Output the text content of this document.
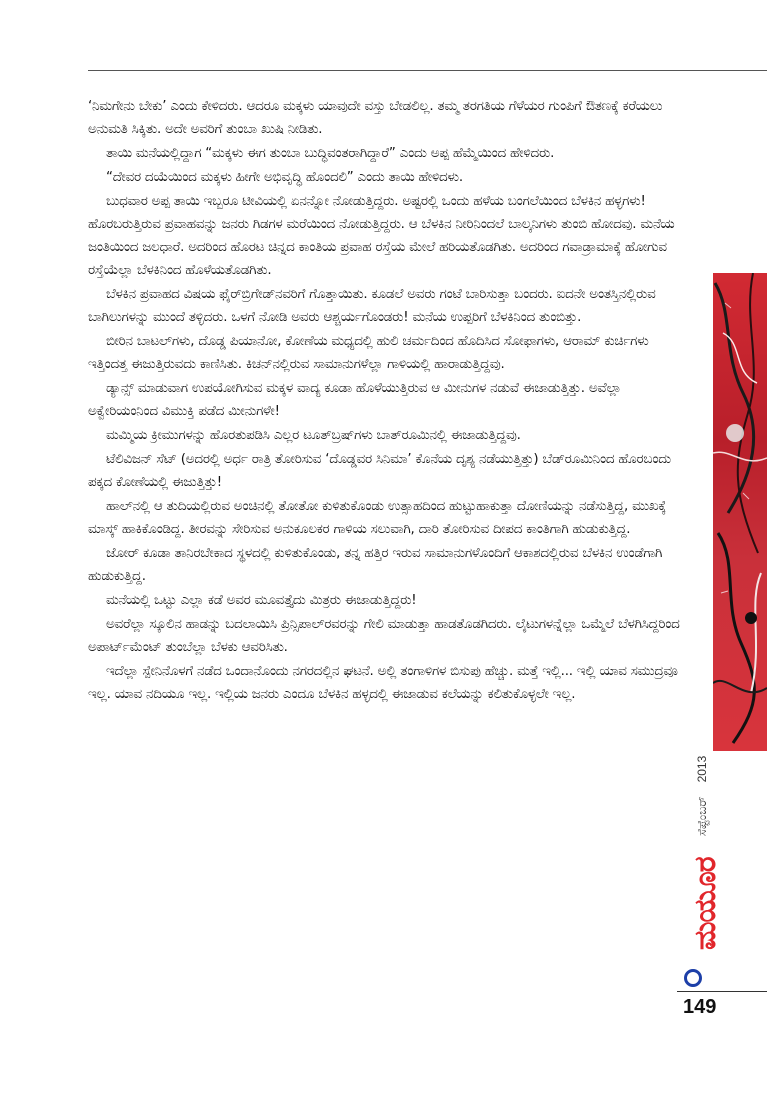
‘ನಿಮಗೇನು ಬೇಕು’ ಎಂದು ಕೇಳಿದರು. ಆದರೂ ಮಕ್ಕಳು ಯಾವುದೇ ವಸ್ತು ಬೇಡಲಿಲ್ಲ. ತಮ್ಮ ತರಗತಿಯ ಗೆಳೆಯರ ಗುಂಪಿಗೆ ಔತಣಕ್ಕೆ ಕರೆಯಲು ಅನುಮತಿ ಸಿಕ್ಕಿತು. ಅದೇ ಅವರಿಗೆ ತುಂಬಾ ಖುಷಿ ನೀಡಿತು.

ತಾಯಿ ಮನೆಯಲ್ಲಿದ್ದಾಗ “ಮಕ್ಕಳು ಈಗ ತುಂಬಾ ಬುದ್ಧಿವಂತರಾಗಿದ್ದಾರೆ” ಎಂದು ಅಪ್ಪ ಹೆಮ್ಮೆಯಿಂದ ಹೇಳಿದರು.

“ದೇವರ ದಯೆಯಿಂದ ಮಕ್ಕಳು ಹೀಗೇ ಅಭಿವೃದ್ಧಿ ಹೊಂದಲಿ” ಎಂದು ತಾಯಿ ಹೇಳಿದಳು.

ಬುಧವಾರ ಅಪ್ಪ ತಾಯಿ ಇಬ್ಬರೂ ಟೀವಿಯಲ್ಲಿ ಏನನ್ನೋ ನೋಡುತ್ತಿದ್ದರು. ಅಷ್ಟರಲ್ಲಿ ಒಂದು ಹಳೆಯ ಬಂಗಲೆಯಿಂದ ಬೆಳಕಿನ ಹಳ್ಳಗಳು! ಹೊರಬರುತ್ತಿರುವ ಪ್ರವಾಹವನ್ನು ಜನರು ಗಿಡಗಳ ಮರೆಯಿಂದ ನೋಡುತ್ತಿದ್ದರು. ಆ ಬೆಳಕಿನ ನೀರಿನಿಂದಲೆ ಬಾಲ್ಕನಿಗಳು ತುಂಬಿ ಹೋದವು. ಮನೆಯ ಜಂತಿಯಿಂದ ಜಲಧಾರೆ. ಅದರಿಂದ ಹೊರಟ ಚಿನ್ನದ ಕಾಂತಿಯ ಪ್ರವಾಹ ರಸ್ತೆಯ ಮೇಲೆ ಹರಿಯತೊಡಗಿತು. ಅದರಿಂದ ಗವಾಡ್ರಾಮಾಕ್ಕೆ ಹೋಗುವ ರಸ್ತೆಯೆಲ್ಲಾ ಬೆಳಕಿನಿಂದ ಹೊಳೆಯತೊಡಗಿತು.

ಬೆಳಕಿನ ಪ್ರವಾಹದ ವಿಷಯ ಫೈರ್‌ಬ್ರಿಗೇಡ್‌ನವರಿಗೆ ಗೊತ್ತಾಯಿತು. ಕೂಡಲೆ ಅವರು ಗಂಟೆ ಬಾರಿಸುತ್ತಾ ಬಂದರು. ಐದನೇ ಅಂತಸ್ತಿನಲ್ಲಿರುವ ಬಾಗಿಲುಗಳನ್ನು ಮುಂದೆ ತಳ್ಳಿದರು. ಒಳಗೆ ನೋಡಿ ಅವರು ಆಶ್ಚರ್ಯಗೊಂಡರು! ಮನೆಯ ಉಪ್ಪರಿಗೆ ಬೆಳಕಿನಿಂದ ತುಂಬಿತ್ತು.

ಬೀರಿನ ಬಾಟಲ್‌ಗಳು, ದೊಡ್ಡ ಪಿಯಾನೋ, ಕೋಣೆಯ ಮಧ್ಯದಲ್ಲಿ ಹುಲಿ ಚರ್ಮದಿಂದ ಹೊದಿಸಿದ ಸೋಫಾಗಳು, ಆರಾಮ್ ಕುರ್ಚಿಗಳು ಇತ್ತಿಂದತ್ತ ಈಜುತ್ತಿರುವದು ಕಾಣಿಸಿತು. ಕಿಚನ್‌ನಲ್ಲಿರುವ ಸಾಮಾನುಗಳೆಲ್ಲಾ ಗಾಳಿಯಲ್ಲಿ ಹಾರಾಡುತ್ತಿದ್ದವು.

ಡ್ಯಾನ್ಸ್ ಮಾಡುವಾಗ ಉಪಯೋಗಿಸುವ ಮಕ್ಕಳ ವಾದ್ಯ ಕೂಡಾ ಹೊಳೆಯುತ್ತಿರುವ ಆ ಮೀನುಗಳ ನಡುವೆ ಈಜಾಡುತ್ತಿತ್ತು. ಅವೆಲ್ಲಾ ಅಕ್ವೇರಿಯಂನಿಂದ ವಿಮುಕ್ತಿ ಪಡೆದ ಮೀನುಗಳೇ!

ಮಮ್ಮಿಯ ಕ್ರೀಮುಗಳನ್ನು ಹೊರತುಪಡಿಸಿ ಎಲ್ಲರ ಟೂತ್‌ಬ್ರಷ್‌ಗಳು ಬಾತ್‌ರೂಮಿನಲ್ಲಿ ಈಜಾಡುತ್ತಿದ್ದವು.

ಟೆಲಿವಿಜನ್ ಸೆಟ್ (ಅದರಲ್ಲಿ ಅರ್ಧ ರಾತ್ರಿ ತೋರಿಸುವ ‘ದೊಡ್ಡವರ ಸಿನಿಮಾ’ ಕೊನೆಯ ದೃಶ್ಯ ನಡೆಯುತ್ತಿತ್ತು) ಬೆಡ್‌ರೂಮಿನಿಂದ ಹೊರಬಂದು ಪಕ್ಕದ ಕೋಣೆಯಲ್ಲಿ ಈಜುತ್ತಿತ್ತು!

ಹಾಲ್‌ನಲ್ಲಿ ಆ ತುದಿಯಲ್ಲಿರುವ ಅಂಚಿನಲ್ಲಿ ತೋತೋ ಕುಳಿತುಕೊಂಡು ಉತ್ಸಾಹದಿಂದ ಹುಟ್ಟುಹಾಕುತ್ತಾ ದೋಣಿಯನ್ನು ನಡೆಸುತ್ತಿದ್ದ, ಮುಖಕ್ಕೆ ಮಾಸ್ಕ್ ಹಾಕಿಕೊಂಡಿದ್ದ. ತೀರವನ್ನು ಸೇರಿಸುವ ಅನುಕೂಲಕರ ಗಾಳಿಯ ಸಲುವಾಗಿ, ದಾರಿ ತೋರಿಸುವ ದೀಪದ ಕಾಂತಿಗಾಗಿ ಹುಡುಕುತ್ತಿದ್ದ.

ಜೋರ್ ಕೂಡಾ ತಾನಿರಬೇಕಾದ ಸ್ಥಳದಲ್ಲಿ ಕುಳಿತುಕೊಂಡು, ತನ್ನ ಹತ್ತಿರ ಇರುವ ಸಾಮಾನುಗಳೊಂದಿಗೆ ಆಕಾಶದಲ್ಲಿರುವ ಬೆಳಕಿನ ಉಂಡೆಗಾಗಿ ಹುಡುಕುತ್ತಿದ್ದ.

ಮನೆಯಲ್ಲಿ ಒಟ್ಟು ಎಲ್ಲಾ ಕಡೆ ಅವರ ಮೂವತ್ತೈದು ಮಿತ್ರರು ಈಜಾಡುತ್ತಿದ್ದರು!

ಅವರೆಲ್ಲಾ ಸ್ಕೂಲಿನ ಹಾಡನ್ನು ಬದಲಾಯಿಸಿ ಪ್ರಿನ್ಸಿಪಾಲ್‌ರವರನ್ನು ಗೇಲಿ ಮಾಡುತ್ತಾ ಹಾಡತೊಡಗಿದರು. ಲೈಟುಗಳನ್ನೆಲ್ಲಾ ಒಮ್ಮೆಲೆ ಬೆಳಗಿಸಿದ್ದರಿಂದ ಅಪಾರ್ಟ್‌ಮೆಂಟ್ ತುಂಬೆಲ್ಲಾ ಬೆಳಕು ಆವರಿಸಿತು.

ಇದೆಲ್ಲಾ ಸ್ಪೇನಿನೊಳಗೆ ನಡೆದ ಒಂದಾನೊಂದು ನಗರದಲ್ಲಿನ ಘಟನೆ. ಅಲ್ಲಿ ತಂಗಾಳಿಗಳ ಬಿಸುಪು ಹೆಚ್ಚು. ಮತ್ತೆ ಇಲ್ಲಿ... ಇಲ್ಲಿ ಯಾವ ಸಮುದ್ರವೂ ಇಲ್ಲ. ಯಾವ ನದಿಯೂ ಇಲ್ಲ. ಇಲ್ಲಿಯ ಜನರು ಎಂದೂ ಬೆಳಕಿನ ಹಳ್ಳದಲ್ಲಿ ಈಜಾಡುವ ಕಲೆಯನ್ನು ಕಲಿತುಕೊಳ್ಳಲೇ ಇಲ್ಲ.

ಸೆಪ್ಟೆಂಬರ್2013
ಮಯೂರ
149
